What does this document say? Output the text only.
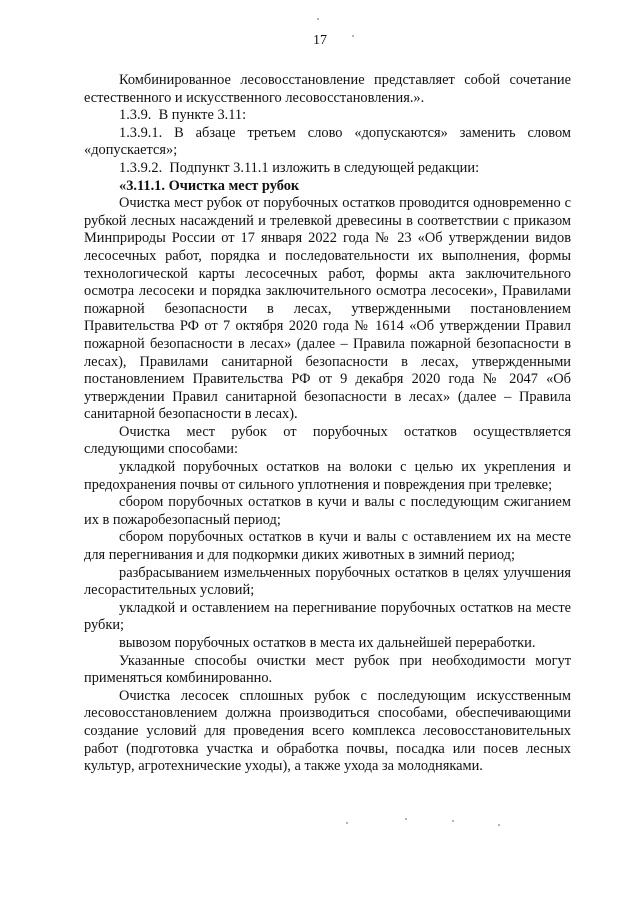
17

Комбинированное лесовосстановление представляет собой сочетание естественного и искусственного лесовосстановления.».

1.3.9.  В пункте 3.11:

1.3.9.1. В абзаце третьем слово «допускаются» заменить словом «допускается»;

1.3.9.2.  Подпункт 3.11.1 изложить в следующей редакции:

«3.11.1. Очистка мест рубок

Очистка мест рубок от порубочных остатков проводится одновременно с рубкой лесных насаждений и трелевкой древесины в соответствии с приказом Минприроды России от 17 января 2022 года № 23 «Об утверждении видов лесосечных работ, порядка и последовательности их выполнения, формы технологической карты лесосечных работ, формы акта заключительного осмотра лесосеки и порядка заключительного осмотра лесосеки», Правилами пожарной безопасности в лесах, утвержденными постановлением Правительства РФ от 7 октября 2020 года № 1614 «Об утверждении Правил пожарной безопасности в лесах» (далее – Правила пожарной безопасности в лесах), Правилами санитарной безопасности в лесах, утвержденными постановлением Правительства РФ от 9 декабря 2020 года № 2047 «Об утверждении Правил санитарной безопасности в лесах» (далее – Правила санитарной безопасности в лесах).

Очистка мест рубок от порубочных остатков осуществляется следующими способами:

укладкой порубочных остатков на волоки с целью их укрепления и предохранения почвы от сильного уплотнения и повреждения при трелевке;

сбором порубочных остатков в кучи и валы с последующим сжиганием их в пожаробезопасный период;

сбором порубочных остатков в кучи и валы с оставлением их на месте для перегнивания и для подкормки диких животных в зимний период;

разбрасыванием измельченных порубочных остатков в целях улучшения лесорастительных условий;

укладкой и оставлением на перегнивание порубочных остатков на месте рубки;

вывозом порубочных остатков в места их дальнейшей переработки.

Указанные способы очистки мест рубок при необходимости могут применяться комбинированно.

Очистка лесосек сплошных рубок с последующим искусственным лесовосстановлением должна производиться способами, обеспечивающими создание условий для проведения всего комплекса лесовосстановительных работ (подготовка участка и обработка почвы, посадка или посев лесных культур, агротехнические уходы), а также ухода за молодняками.
